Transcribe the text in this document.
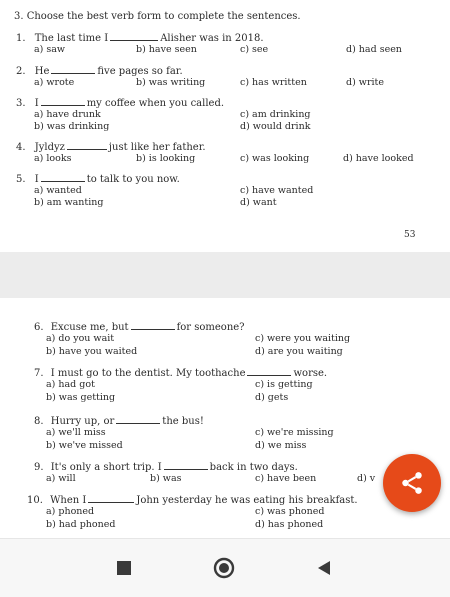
3. Choose the best verb form to complete the sentences.
1. The last time I	Alisher was in 2018.
a) saw	b) have seen	c) see	d) had seen
2. He	five pages so far.
a) wrote	b) was writing	c) has written	d) write
3. I	my coffee when you called.
a) have drunk	c) am drinking
b) was drinking	d) would drink
4. Jyldyz	just like her father.
a) looks	b) is looking	c) was looking	d) have looked
5. I	to talk to you now.
a) wanted	c) have wanted
b) am wanting	d) want
53
6. Excuse me, but	for someone?
a) do you wait	c) were you waiting
b) have you waited	d) are you waiting
7. I must go to the dentist. My toothache	worse.
a) had got	c) is getting
b) was getting	d) gets
8. Hurry up, or	the bus!
a) we'll miss	c) we're missing
b) we've missed	d) we miss
9. It's only a short trip. I	back in two days.
a) will	b) was	c) have been	d) v
10. When I	John yesterday he was eating his breakfast.
a) phoned	c) was phoned
b) had phoned	d) has phoned
